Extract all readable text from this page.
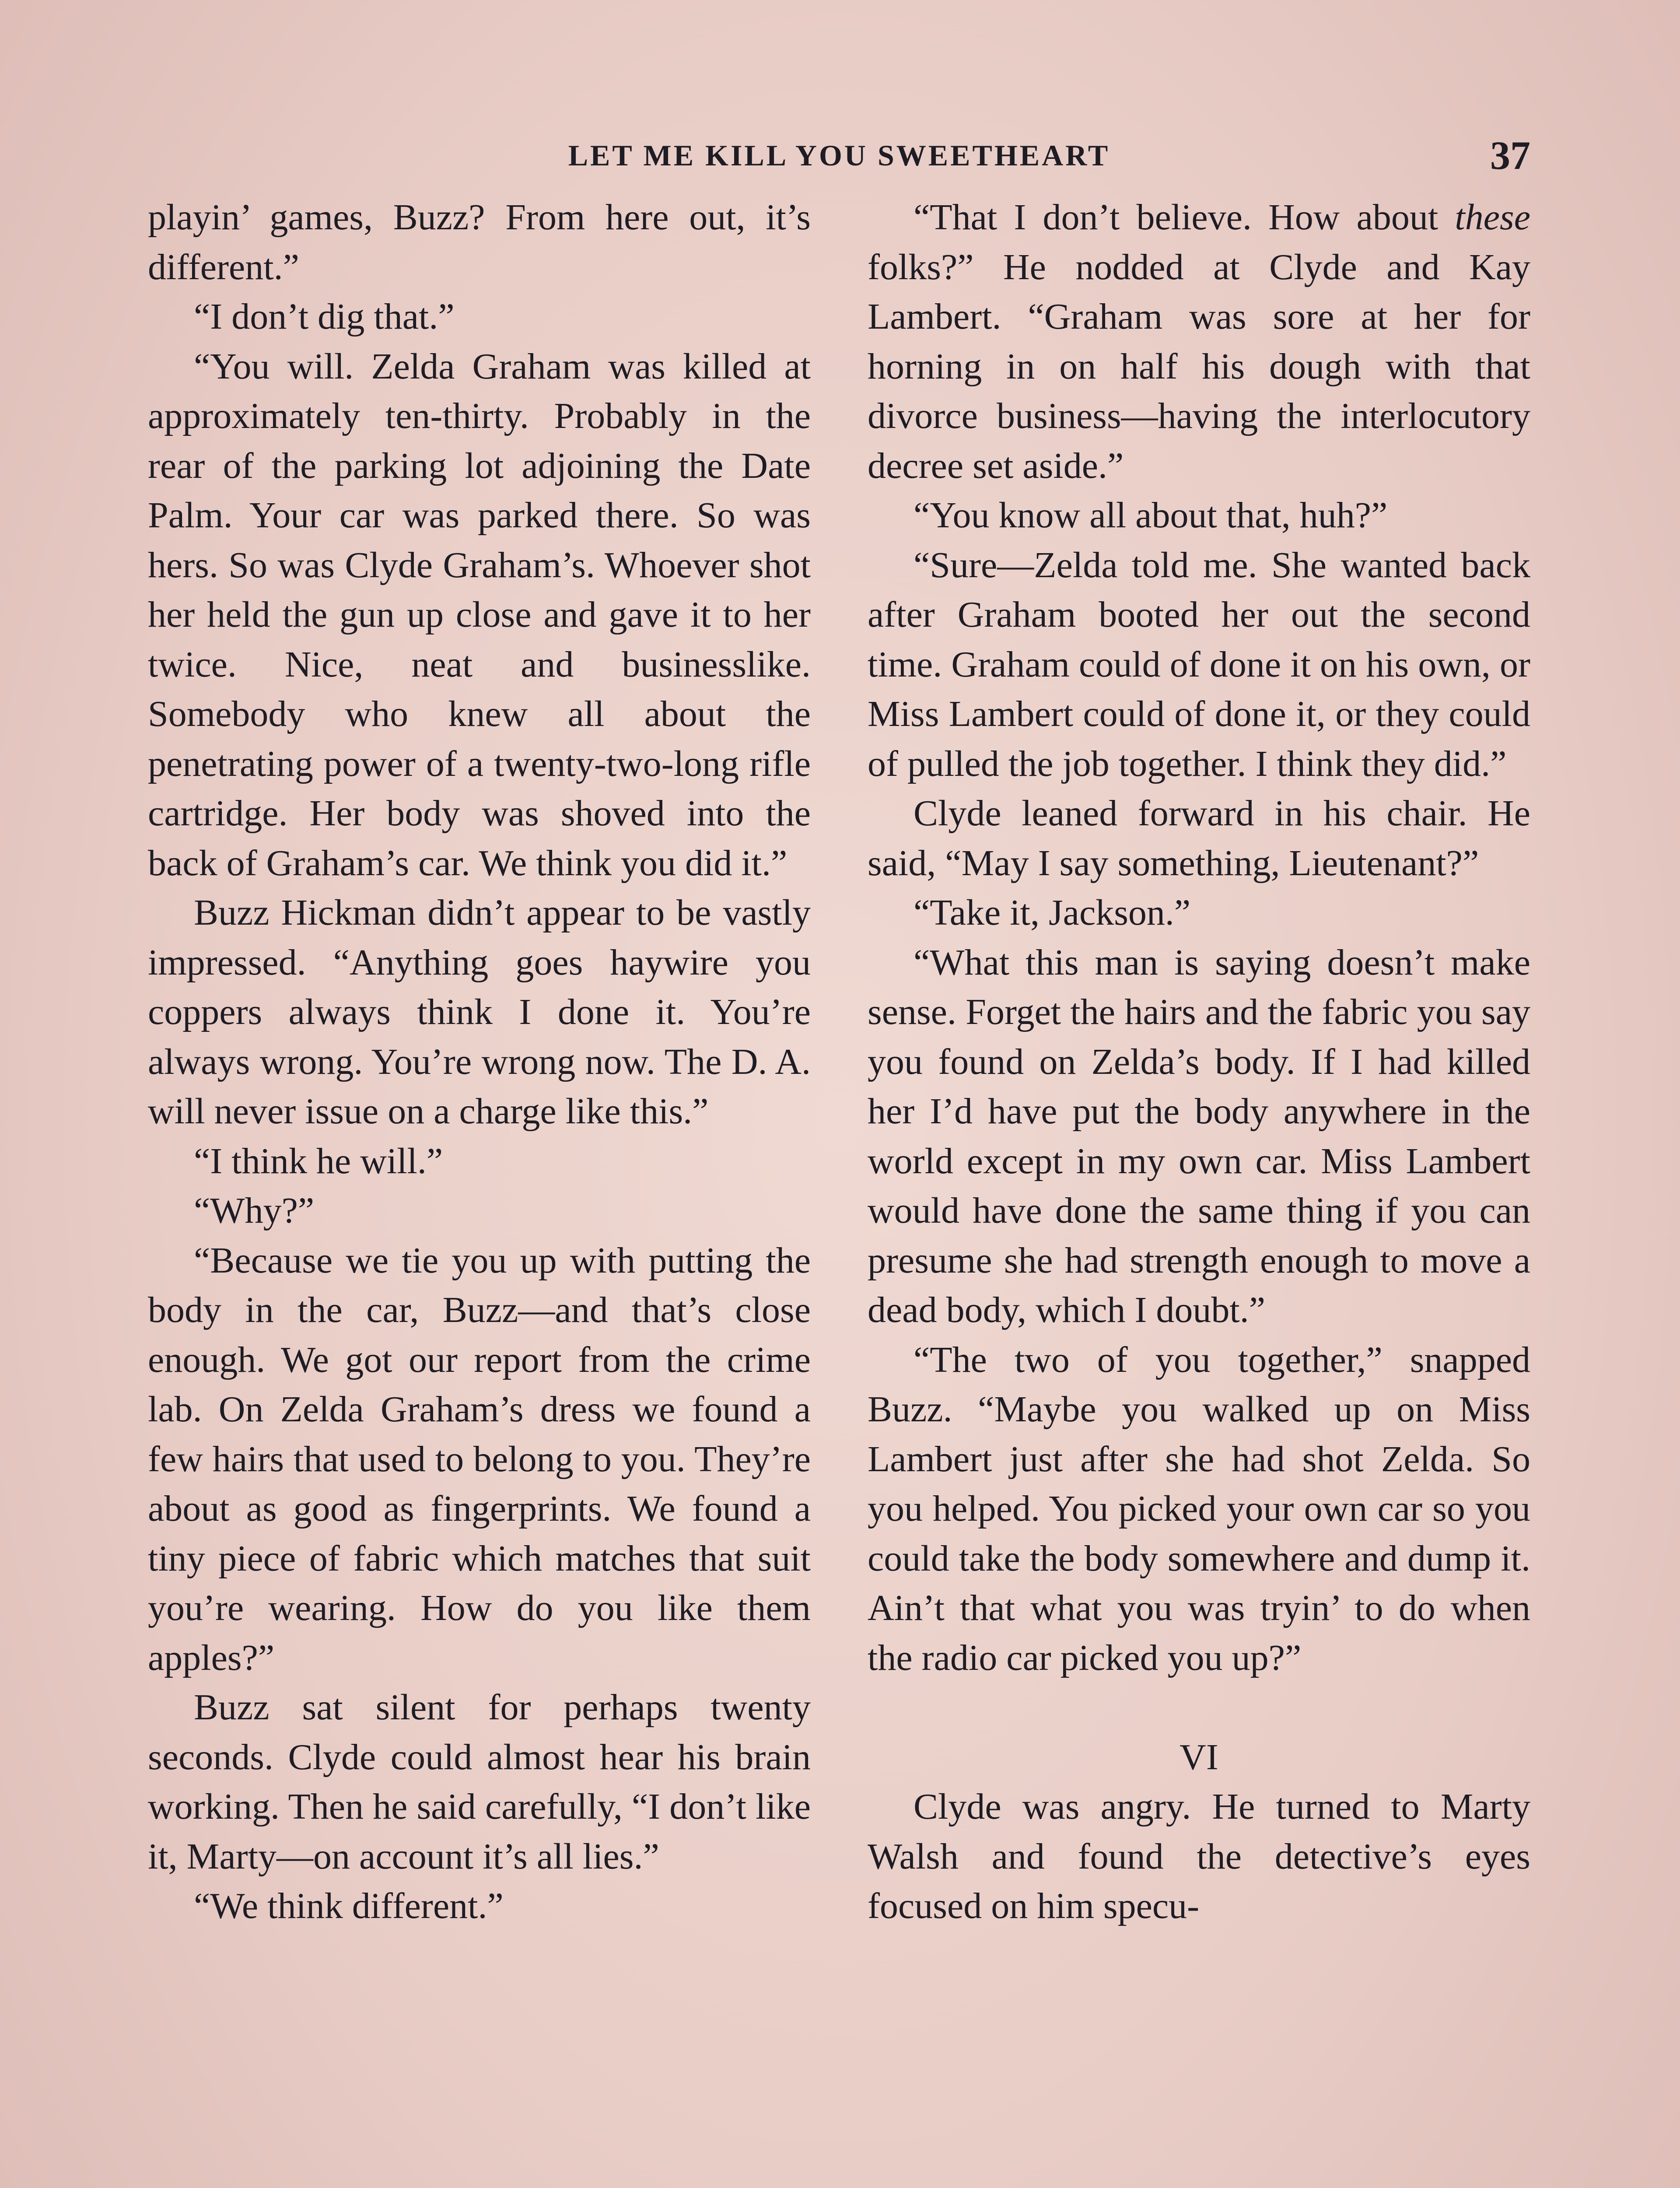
LET ME KILL YOU SWEETHEART	37

playin’ games, Buzz? From here out, it’s different.”

“I don’t dig that.”

“You will. Zelda Graham was killed at approximately ten-thirty. Probably in the rear of the parking lot adjoining the Date Palm. Your car was parked there. So was hers. So was Clyde Graham’s. Whoever shot her held the gun up close and gave it to her twice. Nice, neat and businesslike. Somebody who knew all about the penetrating power of a twenty-two-long rifle cartridge. Her body was shoved into the back of Graham’s car. We think you did it.”

Buzz Hickman didn’t appear to be vastly impressed. “Anything goes haywire you coppers always think I done it. You’re always wrong. You’re wrong now. The D. A. will never issue on a charge like this.”

“I think he will.”

“Why?”

“Because we tie you up with putting the body in the car, Buzz—and that’s close enough. We got our report from the crime lab. On Zelda Graham’s dress we found a few hairs that used to belong to you. They’re about as good as fingerprints. We found a tiny piece of fabric which matches that suit you’re wearing. How do you like them apples?”

Buzz sat silent for perhaps twenty seconds. Clyde could almost hear his brain working. Then he said carefully, “I don’t like it, Marty—on account it’s all lies.”

“We think different.”

“That I don’t believe. How about these folks?” He nodded at Clyde and Kay Lambert. “Graham was sore at her for horning in on half his dough with that divorce business—having the interlocutory decree set aside.”

“You know all about that, huh?”

“Sure—Zelda told me. She wanted back after Graham booted her out the second time. Graham could of done it on his own, or Miss Lambert could of done it, or they could of pulled the job together. I think they did.”

Clyde leaned forward in his chair. He said, “May I say something, Lieutenant?”

“Take it, Jackson.”

“What this man is saying doesn’t make sense. Forget the hairs and the fabric you say you found on Zelda’s body. If I had killed her I’d have put the body anywhere in the world except in my own car. Miss Lambert would have done the same thing if you can presume she had strength enough to move a dead body, which I doubt.”

“The two of you together,” snapped Buzz. “Maybe you walked up on Miss Lambert just after she had shot Zelda. So you helped. You picked your own car so you could take the body somewhere and dump it. Ain’t that what you was tryin’ to do when the radio car picked you up?”

VI

Clyde was angry. He turned to Marty Walsh and found the detective’s eyes focused on him specu-
